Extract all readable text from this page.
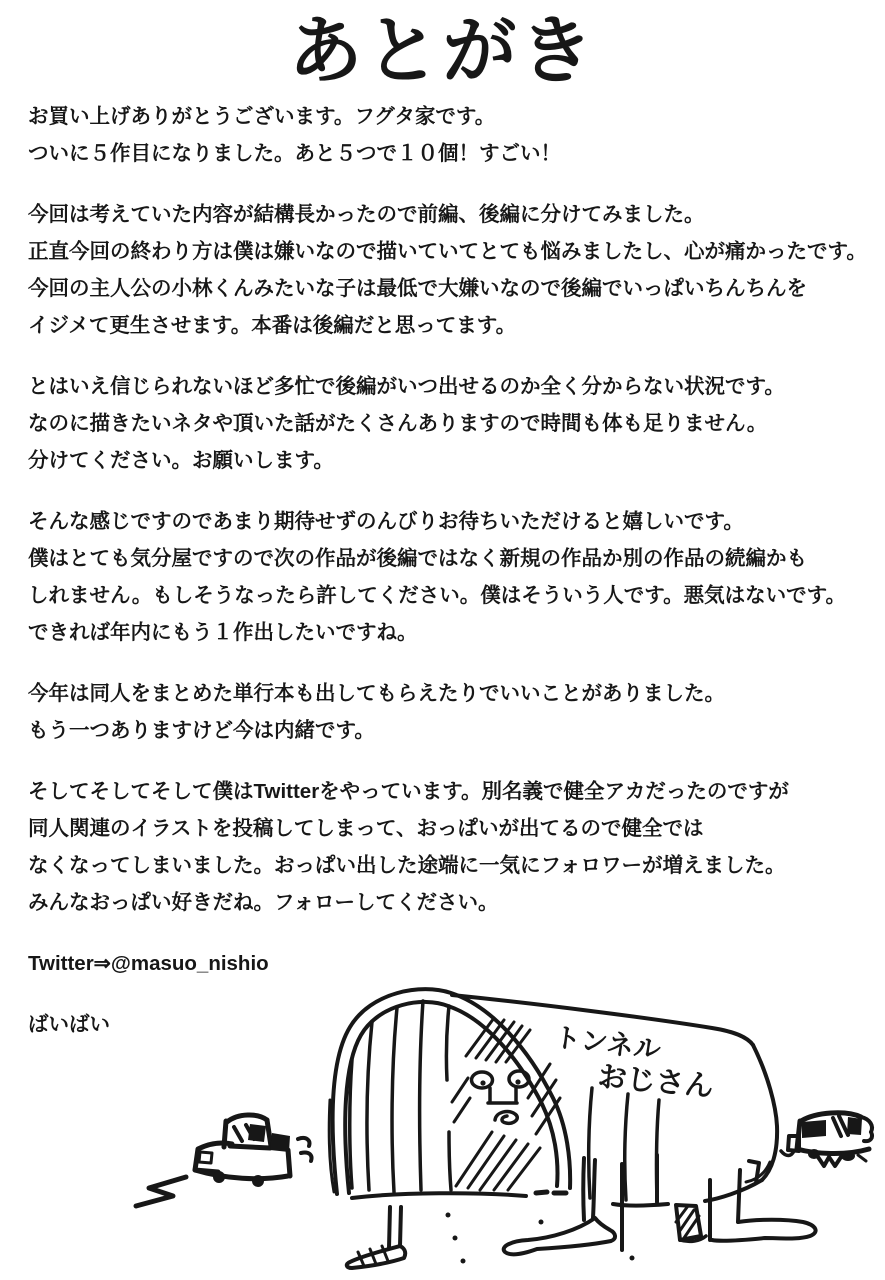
あとがき
お買い上げありがとうございます。フグタ家です。
ついに５作目になりました。あと５つで１０個！すごい！
今回は考えていた内容が結構長かったので前編、後編に分けてみました。
正直今回の終わり方は僕は嫌いなので描いていてとても悩みましたし、心が痛かったです。
今回の主人公の小林くんみたいな子は最低で大嫌いなので後編でいっぱいちんちんを
イジメて更生させます。本番は後編だと思ってます。
とはいえ信じられないほど多忙で後編がいつ出せるのか全く分からない状況です。
なのに描きたいネタや頂いた話がたくさんありますので時間も体も足りません。
分けてください。お願いします。
そんな感じですのであまり期待せずのんびりお待ちいただけると嬉しいです。
僕はとても気分屋ですので次の作品が後編ではなく新規の作品か別の作品の続編かも
しれません。もしそうなったら許してください。僕はそういう人です。悪気はないです。
できれば年内にもう１作出したいですね。
今年は同人をまとめた単行本も出してもらえたりでいいことがありました。
もう一つありますけど今は内緒です。
そしてそしてそして僕はTwitterをやっています。別名義で健全アカだったのですが
同人関連のイラストを投稿してしまって、おっぱいが出てるので健全では
なくなってしまいました。おっぱい出した途端に一気にフォロワーが増えました。
みんなおっぱい好きだね。フォローしてください。

Twitter⇒@masuo_nishio

ばいばい	トンネル
おじさん
